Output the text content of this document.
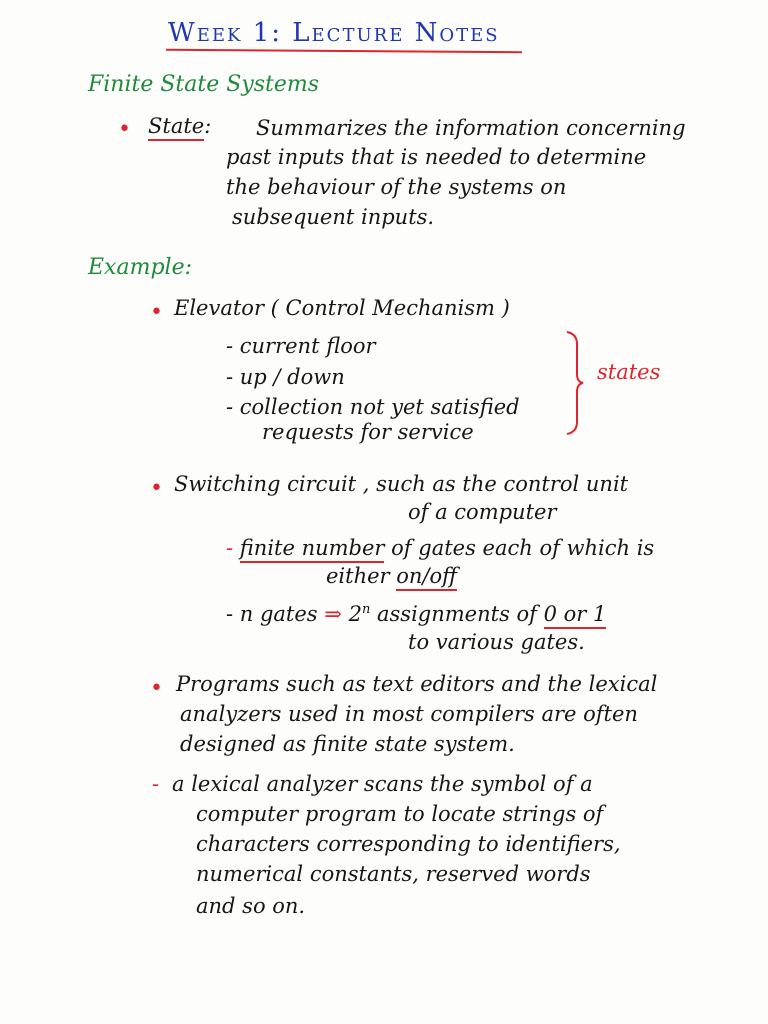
Week 1: Lecture Notes
Finite State Systems
• State: Summarizes the information concerning
past inputs that is needed to determine
the behaviour of the systems on
subsequent inputs.
Example:
• Elevator ( Control Mechanism )
- current floor
- up / down
- collection not yet satisfied
requests for service
states
• Switching circuit , such as the control unit
of a computer
- finite number of gates each of which is
either on/off
- n gates ⇒ 2$^n$ assignments of 0 or 1
to various gates.
• Programs such as text editors and the lexical
analyzers used in most compilers are often
designed as finite state system.
- a lexical analyzer scans the symbol of a
computer program to locate strings of
characters corresponding to identifiers,
numerical constants, reserved words
and so on.
